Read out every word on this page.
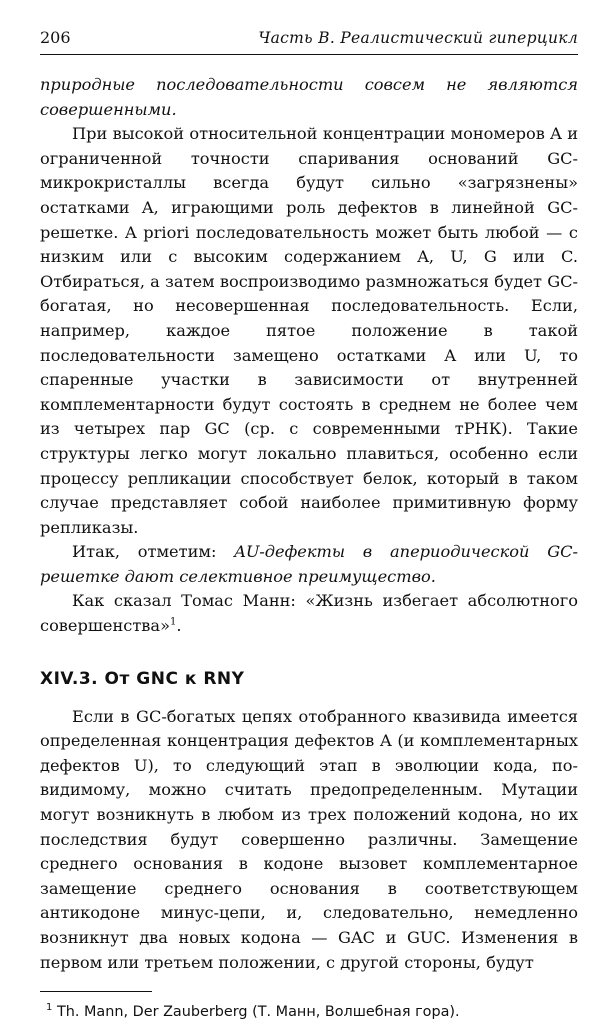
206	Часть В. Реалистический гиперцикл

природные последовательности совсем не являются совершенными.

При высокой относительной концентрации мономеров A и ограниченной точности спаривания оснований GC-микрокристаллы всегда будут сильно «загрязнены» остатками A, играющими роль дефектов в линейной GC-решетке. A priori последовательность может быть любой — с низким или с высоким содержанием A, U, G или C. Отбираться, а затем воспроизводимо размножаться будет GC-богатая, но несовершенная последовательность. Если, например, каждое пятое положение в такой последовательности замещено остатками A или U, то спаренные участки в зависимости от внутренней комплементарности будут состоять в среднем не более чем из четырех пар GC (ср. с современными тРНК). Такие структуры легко могут локально плавиться, особенно если процессу репликации способствует белок, который в таком случае представляет собой наиболее примитивную форму репликазы.

Итак, отметим: AU-дефекты в апериодической GC-решетке дают селективное преимущество.

Как сказал Томас Манн: «Жизнь избегает абсолютного совершенства»$^1$.

XIV.3. От GNC к RNY

Если в GC-богатых цепях отобранного квазивида имеется определенная концентрация дефектов A (и комплементарных дефектов U), то следующий этап в эволюции кода, по-видимому, можно считать предопределенным. Мутации могут возникнуть в любом из трех положений кодона, но их последствия будут совершенно различны. Замещение среднего основания в кодоне вызовет комплементарное замещение среднего основания в соответствующем антикодоне минус-цепи, и, следовательно, немедленно возникнут два новых кодона — GAC и GUC. Изменения в первом или третьем положении, с другой стороны, будут

$^1$ Th. Mann, Der Zauberberg (Т. Манн, Волшебная гора).
